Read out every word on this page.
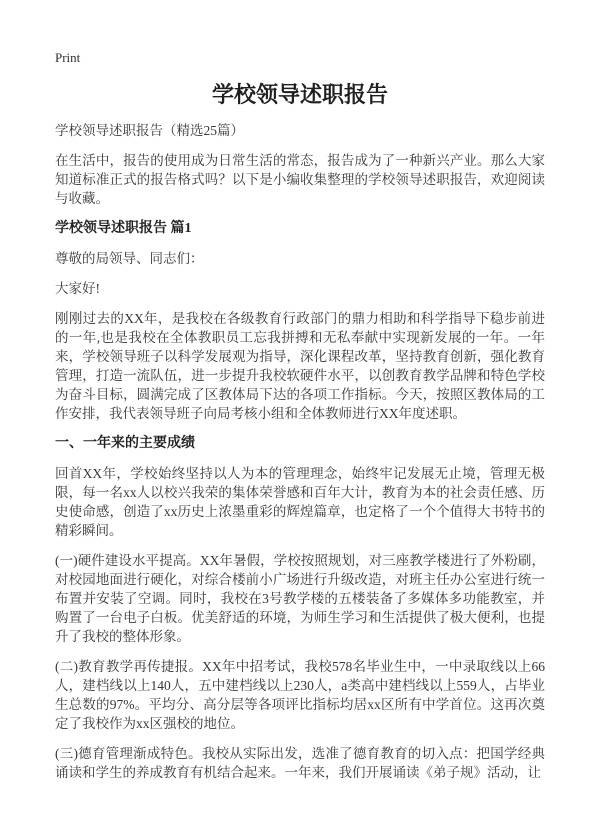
Print
学校领导述职报告

学校领导述职报告（精选25篇）

在生活中，报告的使用成为日常生活的常态，报告成为了一种新兴产业。那么大家知道标准正式的报告格式吗？以下是小编收集整理的学校领导述职报告，欢迎阅读与收藏。

学校领导述职报告 篇1

尊敬的局领导、同志们：

大家好!

刚刚过去的XX年，是我校在各级教育行政部门的鼎力相助和科学指导下稳步前进的一年,也是我校在全体教职员工忘我拼搏和无私奉献中实现新发展的一年。一年来，学校领导班子以科学发展观为指导，深化课程改革，坚持教育创新，强化教育管理，打造一流队伍，进一步提升我校软硬件水平，以创教育教学品牌和特色学校为奋斗目标，圆满完成了区教体局下达的各项工作指标。今天，按照区教体局的工作安排，我代表领导班子向局考核小组和全体教师进行XX年度述职。

一、一年来的主要成绩

回首XX年，学校始终坚持以人为本的管理理念，始终牢记发展无止境，管理无极限，每一名xx人以校兴我荣的集体荣誉感和百年大计，教育为本的社会责任感、历史使命感，创造了xx历史上浓墨重彩的辉煌篇章，也定格了一个个值得大书特书的精彩瞬间。

(一)硬件建设水平提高。XX年暑假，学校按照规划，对三座教学楼进行了外粉刷，对校园地面进行硬化，对综合楼前小广场进行升级改造，对班主任办公室进行统一布置并安装了空调。同时，我校在3号教学楼的五楼装备了多媒体多功能教室，并购置了一台电子白板。优美舒适的环境，为师生学习和生活提供了极大便利，也提升了我校的整体形象。

(二)教育教学再传捷报。XX年中招考试，我校578名毕业生中，一中录取线以上66人，建档线以上140人，五中建档线以上230人，a类高中建档线以上559人，占毕业生总数的97%。平均分、高分层等各项评比指标均居xx区所有中学首位。这再次奠定了我校作为xx区强校的地位。

(三)德育管理渐成特色。我校从实际出发，选准了德育教育的切入点：把国学经典诵读和学生的养成教育有机结合起来。一年来，我们开展诵读《弟子规》活动，让
